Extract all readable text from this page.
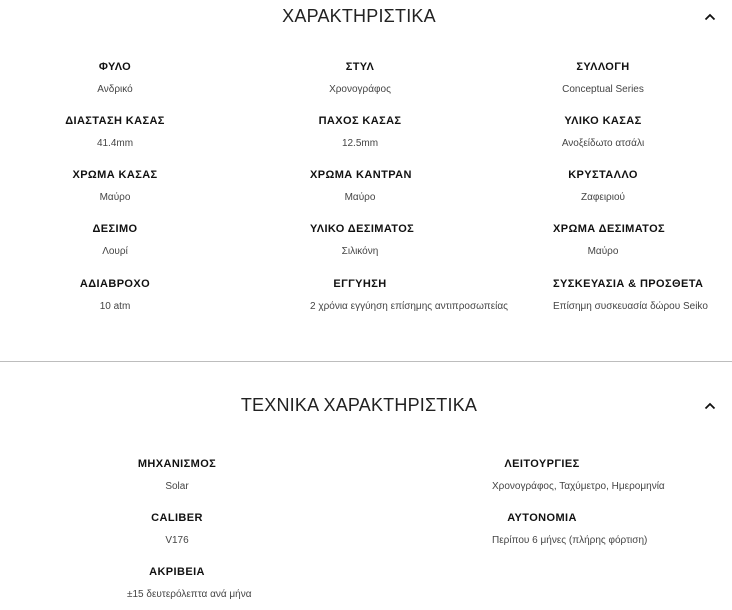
ΧΑΡΑΚΤΗΡΙΣΤΙΚΑ
ΦΥΛΟ
Ανδρικό
ΣΤΥΛ
Χρονογράφος
ΣΥΛΛΟΓΗ
Conceptual Series
ΔΙΑΣΤΑΣΗ ΚΑΣΑΣ
41.4mm
ΠΑΧΟΣ ΚΑΣΑΣ
12.5mm
ΥΛΙΚΟ ΚΑΣΑΣ
Ανοξείδωτο ατσάλι
ΧΡΩΜΑ ΚΑΣΑΣ
Μαύρο
ΧΡΩΜΑ ΚΑΝΤΡΑΝ
Μαύρο
ΚΡΥΣΤΑΛΛΟ
Ζαφειριού
ΔΕΣΙΜΟ
Λουρί
ΥΛΙΚΟ ΔΕΣΙΜΑΤΟΣ
Σιλικόνη
ΧΡΩΜΑ ΔΕΣΙΜΑΤΟΣ
Μαύρο
ΑΔΙΑΒΡΟΧΟ
10 atm
ΕΓΓΥΗΣΗ
2 χρόνια εγγύηση επίσημης αντιπροσωπείας
ΣΥΣΚΕΥΑΣΙΑ & ΠΡΟΣΘΕΤΑ
Επίσημη συσκευασία δώρου Seiko
ΤΕΧΝΙΚΑ ΧΑΡΑΚΤΗΡΙΣΤΙΚΑ
ΜΗΧΑΝΙΣΜΟΣ
Solar
ΛΕΙΤΟΥΡΓΙΕΣ
Χρονογράφος, Ταχύμετρο, Ημερομηνία
CALIBER
V176
ΑΥΤΟΝΟΜΙΑ
Περίπου 6 μήνες (πλήρης φόρτιση)
ΑΚΡΙΒΕΙΑ
±15 δευτερόλεπτα ανά μήνα
